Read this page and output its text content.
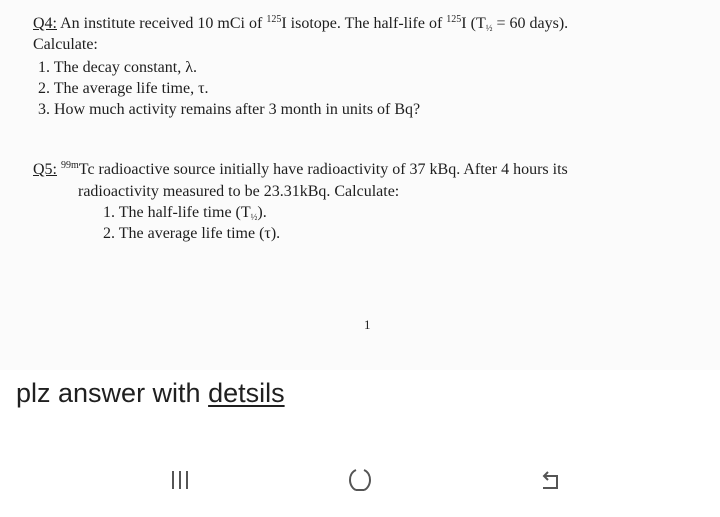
Q4: An institute received 10 mCi of $^{125}$I isotope. The half-life of $^{125}$I ($T_{\frac{1}{2}} = 60$ days).
Calculate:
1. The decay constant, λ.
2. The average life time, τ.
3. How much activity remains after 3 month in units of Bq?
Q5: $^{99m}$Tc radioactive source initially have radioactivity of 37 kBq. After 4 hours its
radioactivity measured to be 23.31kBq. Calculate:
1. The half-life time $(T_{\frac{1}{2}})$.
2. The average life time (τ).
1
plz answer with detsils
